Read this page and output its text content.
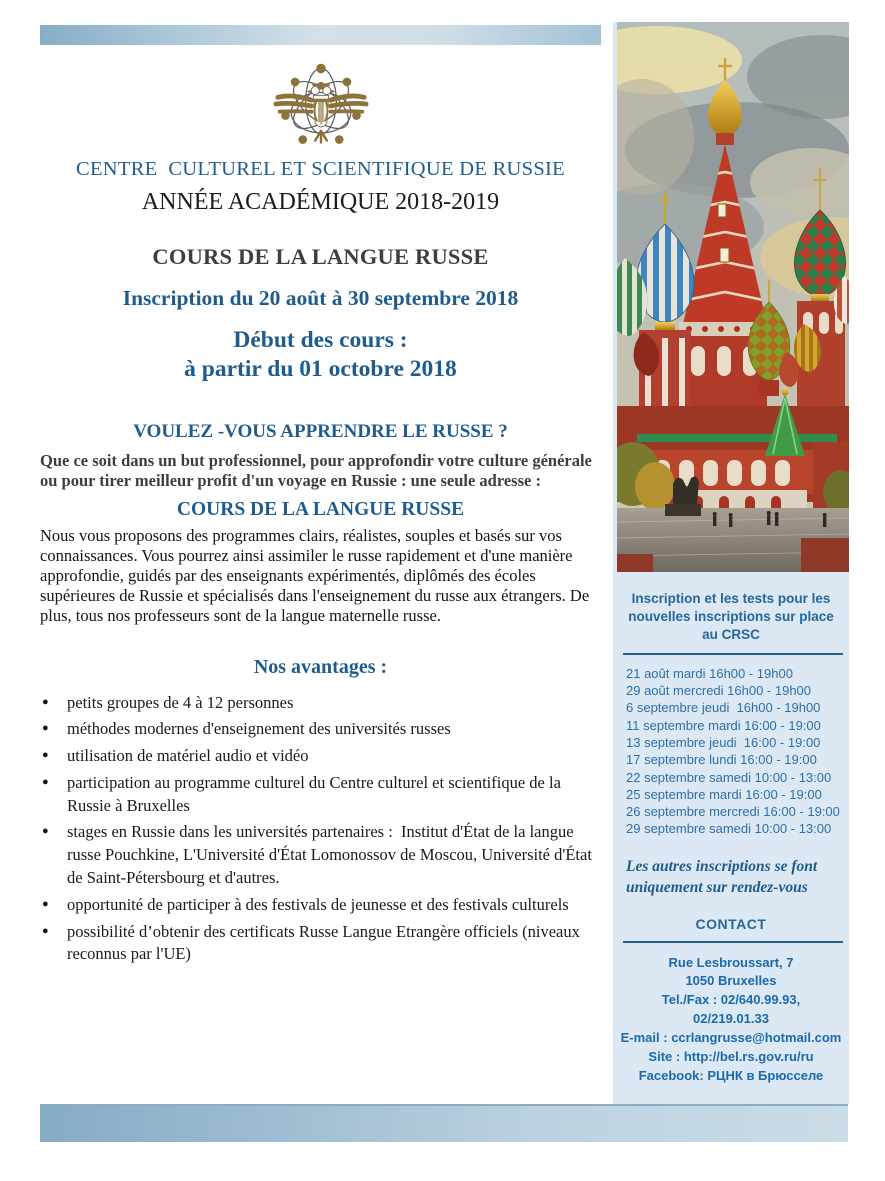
CENTRE  CULTUREL ET SCIENTIFIQUE DE RUSSIE
ANNÉE ACADÉMIQUE 2018-2019
COURS DE LA LANGUE RUSSE
Inscription du 20 août à 30 septembre 2018
Début des cours :
à partir du 01 octobre 2018
VOULEZ -VOUS APPRENDRE LE RUSSE ?
Que ce soit dans un but professionnel, pour approfondir votre culture générale ou pour tirer meilleur profit d'un voyage en Russie : une seule adresse :
COURS DE LA LANGUE RUSSE
Nous vous proposons des programmes clairs, réalistes, souples et basés sur vos connaissances. Vous pourrez ainsi assimiler le russe rapidement et d'une manière approfondie, guidés par des enseignants expérimentés, diplômés des écoles supérieures de Russie et spécialisés dans l'enseignement du russe aux étrangers. De plus, tous nos professeurs sont de la langue maternelle russe.
Nos avantages :
● petits groupes de 4 à 12 personnes
● méthodes modernes d'enseignement des universités russes
● utilisation de matériel audio et vidéo
● participation au programme culturel du Centre culturel et scientifique de la Russie à Bruxelles
● stages en Russie dans les universités partenaires :  Institut d'État de la langue russe Pouchkine, L'Université d'État Lomonossov de Moscou, Université d'État de Saint-Pétersbourg et d'autres.
● opportunité de participer à des festivals de jeunesse et des festivals culturels
● possibilité d’obtenir des certificats Russe Langue Etrangère officiels (niveaux reconnus par l'UE)
Inscription et les tests pour les nouvelles inscriptions sur place au CRSC
21 août mardi 16h00 - 19h00
29 août mercredi 16h00 - 19h00
6 septembre jeudi  16h00 - 19h00
11 septembre mardi 16:00 - 19:00
13 septembre jeudi  16:00 - 19:00
17 septembre lundi 16:00 - 19:00
22 septembre samedi 10:00 - 13:00
25 septembre mardi 16:00 - 19:00
26 septembre mercredi 16:00 - 19:00
29 septembre samedi 10:00 - 13:00
Les autres inscriptions se font uniquement sur rendez-vous
CONTACT
Rue Lesbroussart, 7
1050 Bruxelles
Tel./Fax : 02/640.99.93,
02/219.01.33
E-mail : ccrlangrusse@hotmail.com
Site : http://bel.rs.gov.ru/ru
Facebook: РЦНК в Брюсселе
